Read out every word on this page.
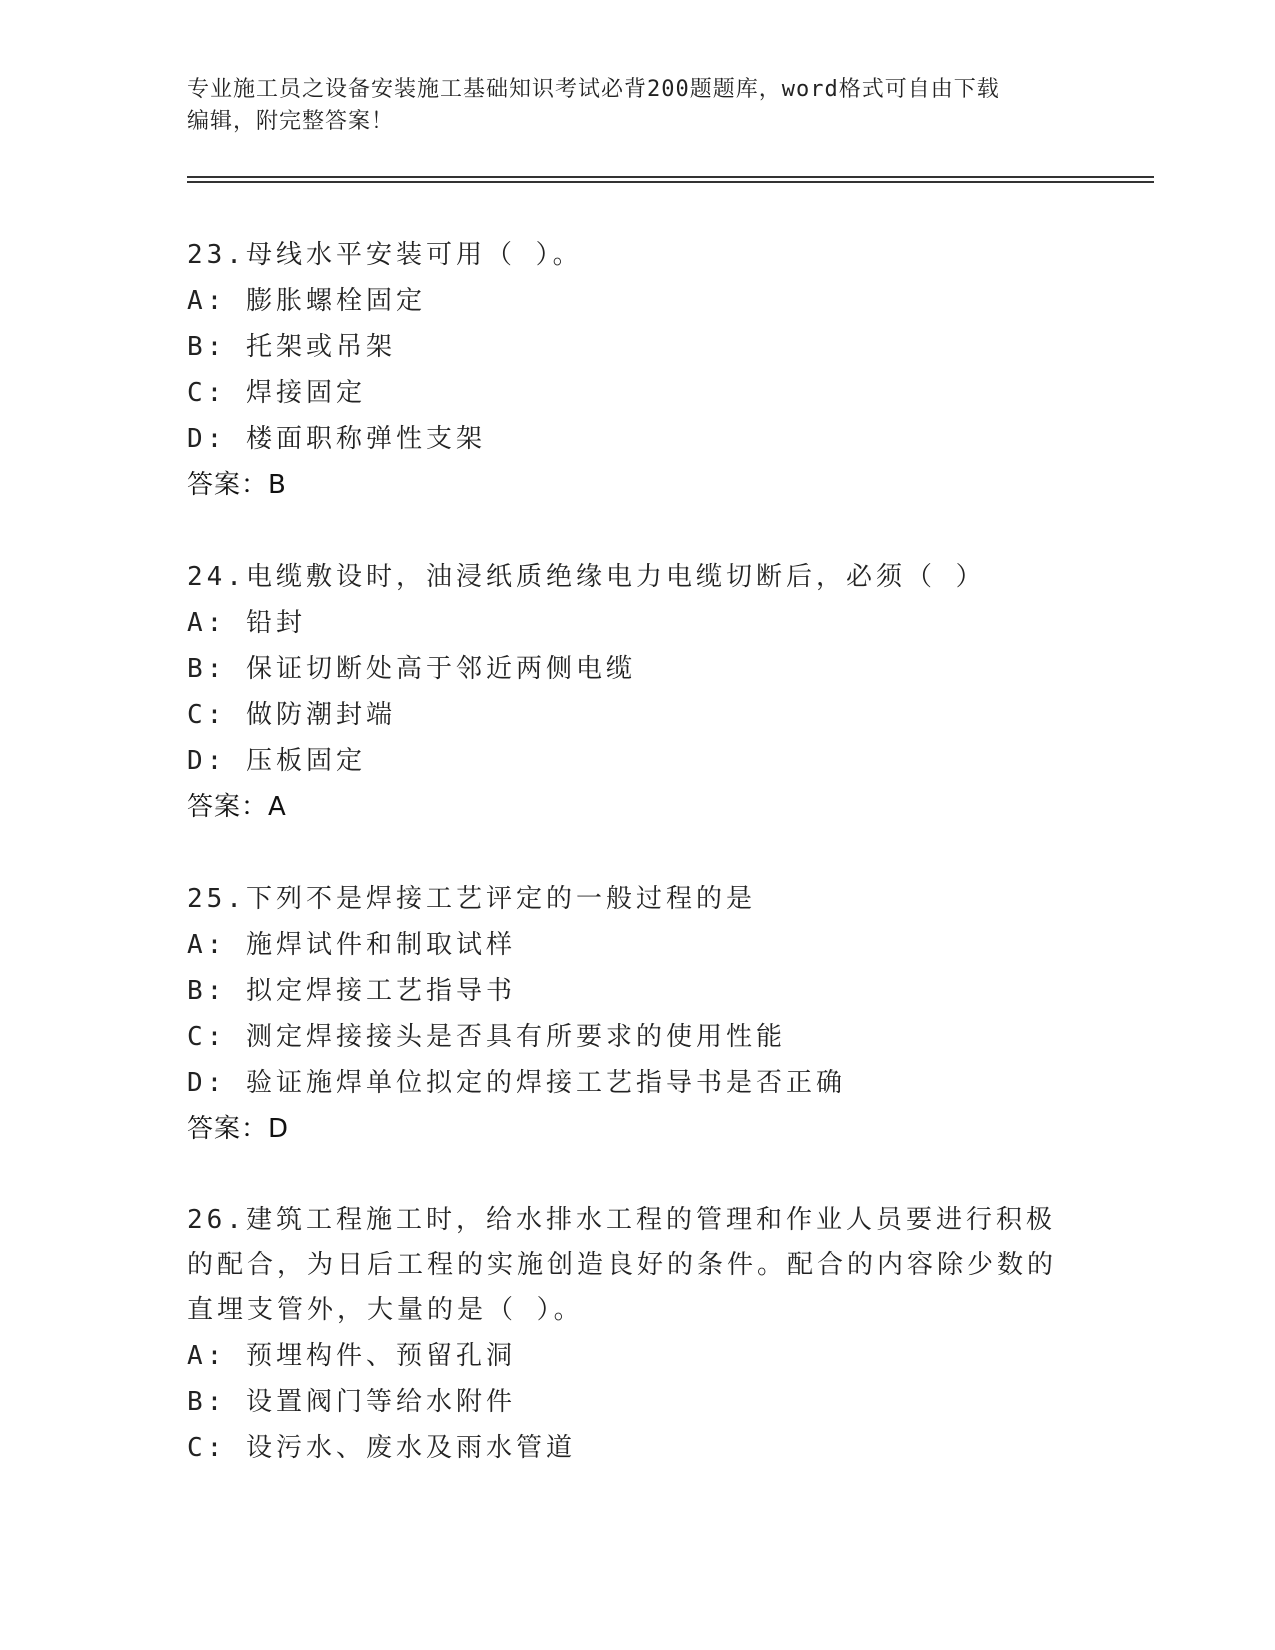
专业施工员之设备安装施工基础知识考试必背200题题库，word格式可自由下载
编辑，附完整答案！
23.母线水平安装可用（ ）。
A: 膨胀螺栓固定
B: 托架或吊架
C: 焊接固定
D: 楼面职称弹性支架
答案：B
24.电缆敷设时，油浸纸质绝缘电力电缆切断后，必须（ ）
A: 铅封
B: 保证切断处高于邻近两侧电缆
C: 做防潮封端
D: 压板固定
答案：A
25.下列不是焊接工艺评定的一般过程的是
A: 施焊试件和制取试样
B: 拟定焊接工艺指导书
C: 测定焊接接头是否具有所要求的使用性能
D: 验证施焊单位拟定的焊接工艺指导书是否正确
答案：D
26.建筑工程施工时，给水排水工程的管理和作业人员要进行积极的配合，为日后工程的实施创造良好的条件。配合的内容除少数的直埋支管外，大量的是（ ）。
A: 预埋构件、预留孔洞
B: 设置阀门等给水附件
C: 设污水、废水及雨水管道
